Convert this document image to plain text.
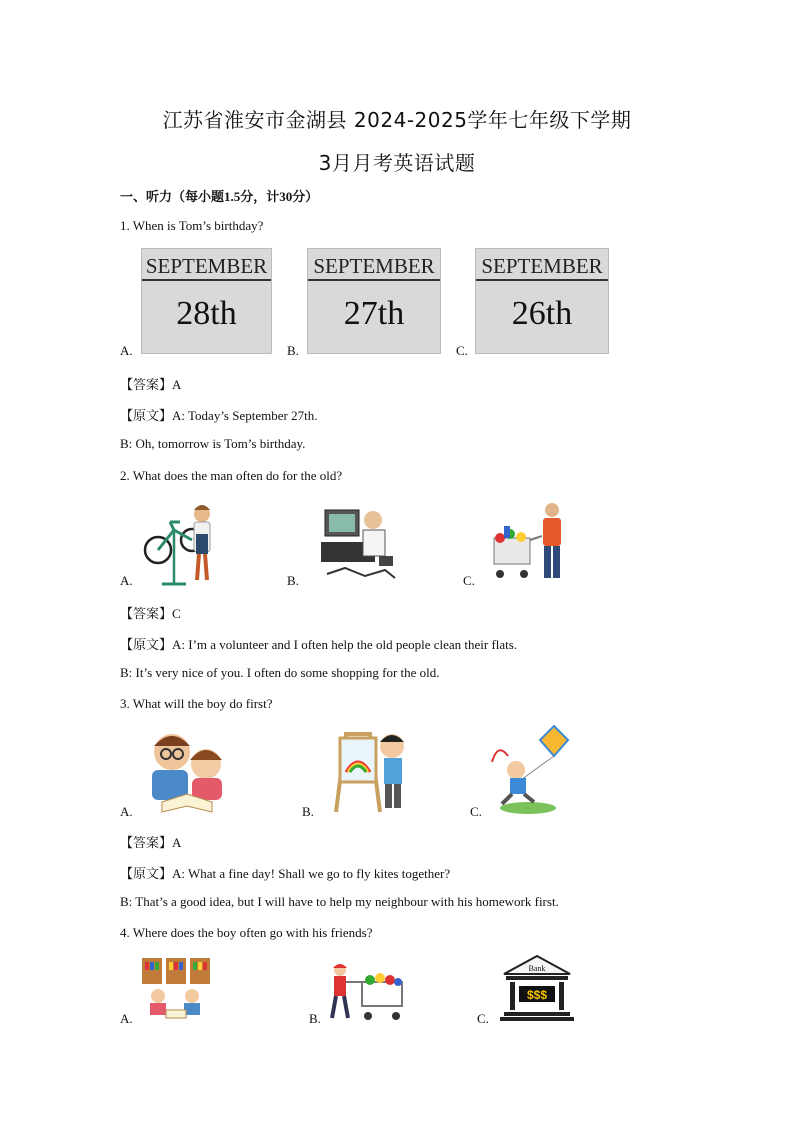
江苏省淮安市金湖县 2024-2025学年七年级下学期
3月月考英语试题
一、听力（每小题1.5分，计30分）
1. When is Tom’s birthday?
A.
SEPTEMBER
28th
B.
SEPTEMBER
27th
C.
SEPTEMBER
26th
【答案】A
【原文】A: Today’s September 27th.
B: Oh, tomorrow is Tom’s birthday.
2. What does the man often do for the old?
A.	B.	C.
【答案】C
【原文】A: I’m a volunteer and I often help the old people clean their flats.
B: It’s very nice of you. I often do some shopping for the old.
3. What will the boy do first?
A.	B.	C.
【答案】A
【原文】A: What a fine day! Shall we go to fly kites together?
B: That’s a good idea, but I will have to help my neighbour with his homework first.
4. Where does the boy often go with his friends?
A.	B.	C.
Bank
$$$
